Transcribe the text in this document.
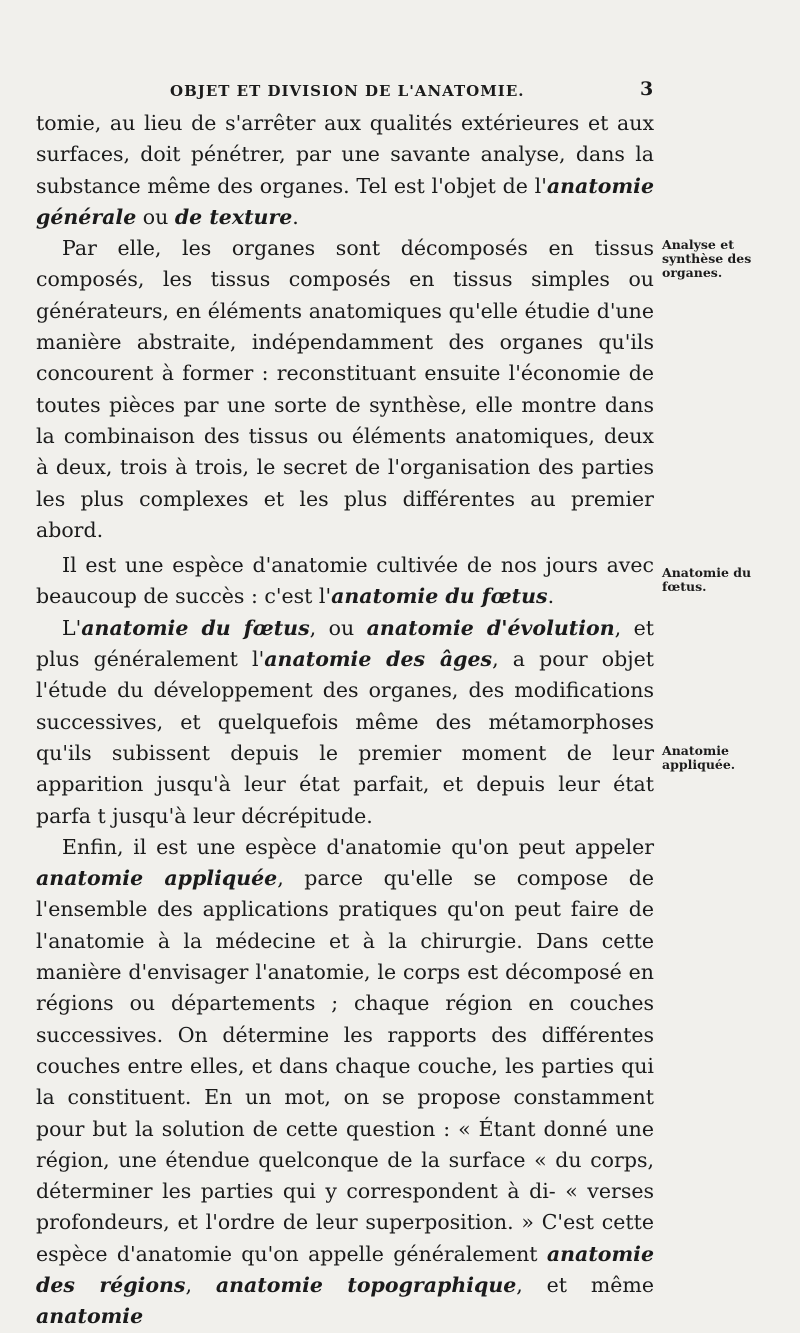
OBJET ET DIVISION DE L'ANATOMIE.	3

tomie, au lieu de s'arrêter aux qualités extérieures et aux surfaces, doit pénétrer, par une savante analyse, dans la substance même des organes. Tel est l'objet de l'anatomie générale ou de texture.

Par elle, les organes sont décomposés en tissus composés, les tissus composés en tissus simples ou générateurs, en éléments anatomiques qu'elle étudie d'une manière abstraite, indépendamment des organes qu'ils concourent à former : reconstituant ensuite l'économie de toutes pièces par une sorte de synthèse, elle montre dans la combinaison des tissus ou éléments anatomiques, deux à deux, trois à trois, le secret de l'organisation des parties les plus complexes et les plus différentes au premier abord.

Il est une espèce d'anatomie cultivée de nos jours avec beaucoup de succès : c'est l'anatomie du fœtus.

L'anatomie du fœtus, ou anatomie d'évolution, et plus généralement l'anatomie des âges, a pour objet l'étude du développement des organes, des modifications successives, et quelquefois même des métamorphoses qu'ils subissent depuis le premier moment de leur apparition jusqu'à leur état parfait, et depuis leur état parfa t jusqu'à leur décrépitude.

Enfin, il est une espèce d'anatomie qu'on peut appeler anatomie appliquée, parce qu'elle se compose de l'ensemble des applications pratiques qu'on peut faire de l'anatomie à la médecine et à la chirurgie. Dans cette manière d'envisager l'anatomie, le corps est décomposé en régions ou départements ; chaque région en couches successives. On détermine les rapports des différentes couches entre elles, et dans chaque couche, les parties qui la constituent. En un mot, on se propose constamment pour but la solution de cette question : « Étant donné une région, une étendue quelconque de la surface « du corps, déterminer les parties qui y correspondent à di- « verses profondeurs, et l'ordre de leur superposition. » C'est cette espèce d'anatomie qu'on appelle généralement anatomie des régions, anatomie topographique, et même anatomie

Analyse et synthèse des organes.
Anatomie du fœtus.
Anatomie appliquée.
